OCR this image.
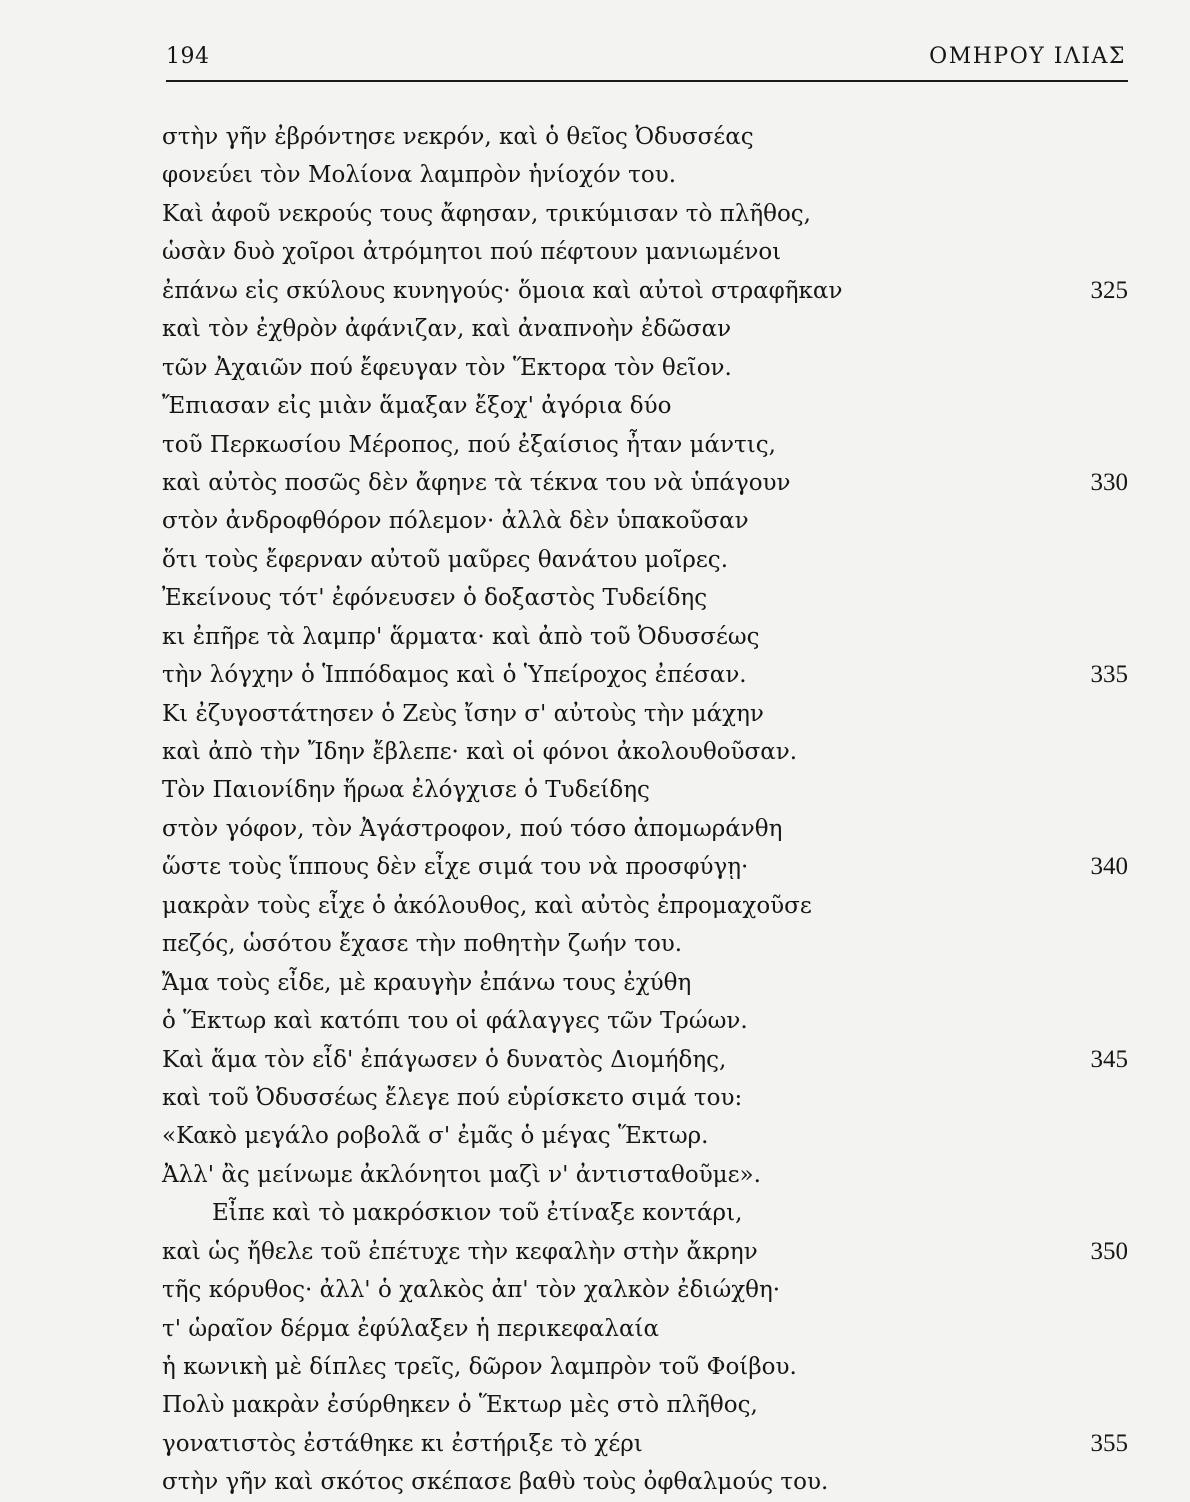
194	ΟΜΗΡΟΥ ΙΛΙΑΣ
στὴν γῆν ἐβρόντησε νεκρόν, καὶ ὁ θεῖος Ὀδυσσέας
φονεύει τὸν Μολίονα λαμπρὸν ἡνίοχόν του.
Καὶ ἀφοῦ νεκρούς τους ἄφησαν, τρικύμισαν τὸ πλῆθος,
ὡσὰν δυὸ χοῖροι ἀτρόμητοι πού πέφτουν μανιωμένοι
ἐπάνω εἰς σκύλους κυνηγούς· ὅμοια καὶ αὐτοὶ στραφῆκαν	325
καὶ τὸν ἐχθρὸν ἀφάνιζαν, καὶ ἀναπνοὴν ἐδῶσαν
τῶν Ἀχαιῶν πού ἔφευγαν τὸν Ἕκτορα τὸν θεῖον.
Ἔπιασαν εἰς μιὰν ἅμαξαν ἔξοχ' ἀγόρια δύο
τοῦ Περκωσίου Μέροπος, πού ἐξαίσιος ἦταν μάντις,
καὶ αὐτὸς ποσῶς δὲν ἄφηνε τὰ τέκνα του νὰ ὑπάγουν	330
στὸν ἀνδροφθόρον πόλεμον· ἀλλὰ δὲν ὑπακοῦσαν
ὅτι τοὺς ἔφερναν αὐτοῦ μαῦρες θανάτου μοῖρες.
Ἐκείνους τότ' ἐφόνευσεν ὁ δοξαστὸς Τυδείδης
κι ἐπῆρε τὰ λαμπρ' ἅρματα· καὶ ἀπὸ τοῦ Ὀδυσσέως
τὴν λόγχην ὁ Ἱππόδαμος καὶ ὁ Ὑπείροχος ἐπέσαν.	335
Κι ἐζυγοστάτησεν ὁ Ζεὺς ἴσην σ' αὐτοὺς τὴν μάχην
καὶ ἀπὸ τὴν Ἴδην ἔβλεπε· καὶ οἱ φόνοι ἀκολουθοῦσαν.
Τὸν Παιονίδην ἥρωα ἐλόγχισε ὁ Τυδείδης
στὸν γόφον, τὸν Ἀγάστροφον, πού τόσο ἀπομωράνθη
ὥστε τοὺς ἵππους δὲν εἶχε σιμά του νὰ προσφύγῃ·	340
μακρὰν τοὺς εἶχε ὁ ἀκόλουθος, καὶ αὐτὸς ἐπρομαχοῦσε
πεζός, ὡσότου ἔχασε τὴν ποθητὴν ζωήν του.
Ἄμα τοὺς εἶδε, μὲ κραυγὴν ἐπάνω τους ἐχύθη
ὁ Ἕκτωρ καὶ κατόπι του οἱ φάλαγγες τῶν Τρώων.
Καὶ ἅμα τὸν εἶδ' ἐπάγωσεν ὁ δυνατὸς Διομήδης,	345
καὶ τοῦ Ὀδυσσέως ἔλεγε πού εὑρίσκετο σιμά του:
«Κακὸ μεγάλο ροβολᾶ σ' ἐμᾶς ὁ μέγας Ἕκτωρ.
Ἀλλ' ἂς μείνωμε ἀκλόνητοι μαζὶ ν' ἀντισταθοῦμε».
Εἶπε καὶ τὸ μακρόσκιον τοῦ ἐτίναξε κοντάρι,
καὶ ὡς ἤθελε τοῦ ἐπέτυχε τὴν κεφαλὴν στὴν ἄκρην	350
τῆς κόρυθος· ἀλλ' ὁ χαλκὸς ἀπ' τὸν χαλκὸν ἐδιώχθη·
τ' ὡραῖον δέρμα ἐφύλαξεν ἡ περικεφαλαία
ἡ κωνικὴ μὲ δίπλες τρεῖς, δῶρον λαμπρὸν τοῦ Φοίβου.
Πολὺ μακρὰν ἐσύρθηκεν ὁ Ἕκτωρ μὲς στὸ πλῆθος,
γονατιστὸς ἐστάθηκε κι ἐστήριξε τὸ χέρι	355
στὴν γῆν καὶ σκότος σκέπασε βαθὺ τοὺς ὀφθαλμούς του.
